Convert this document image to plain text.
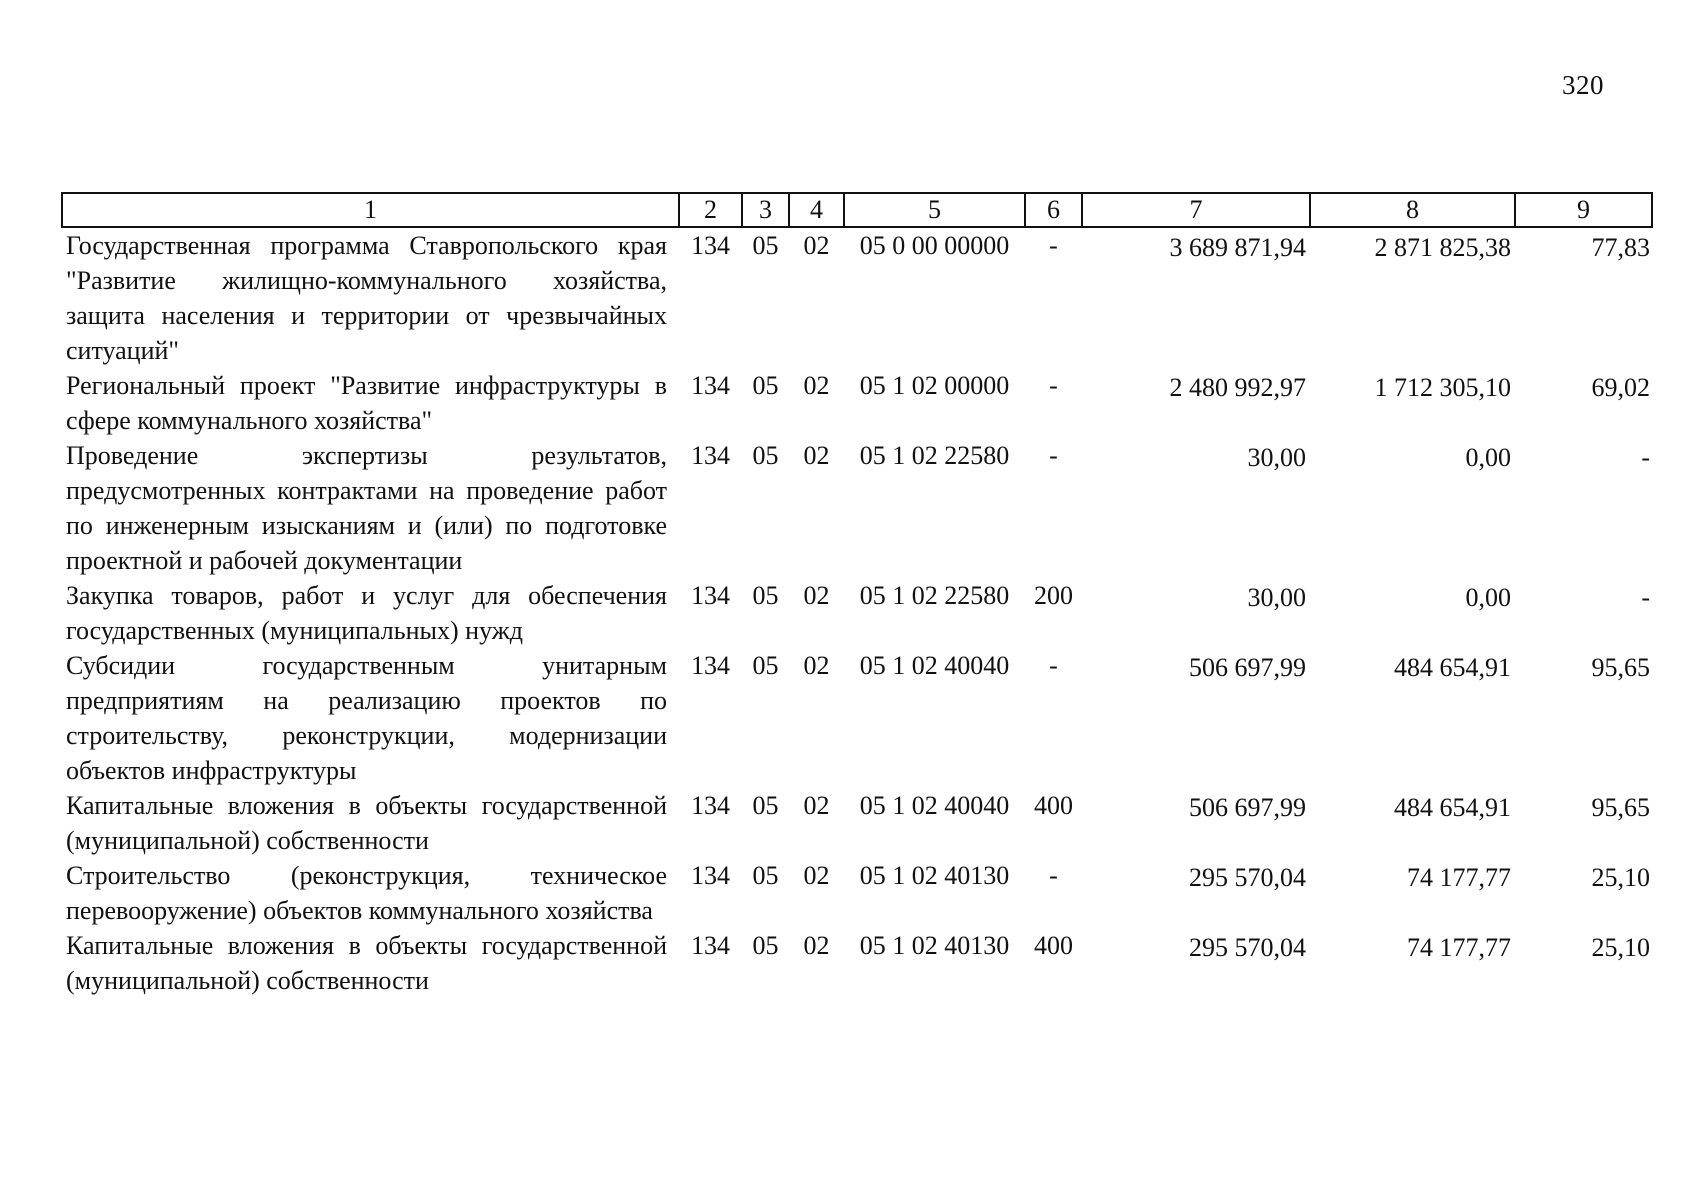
320
1	2	3	4	5	6	7	8	9
Государственная программа Ставропольского края "Развитие жилищно-коммунального хозяйства, защита населения и территории от чрезвычайных ситуаций"	134	05	02	05 0 00 00000	-	3 689 871,94	2 871 825,38	77,83
Региональный проект "Развитие инфраструктуры в сфере коммунального хозяйства"	134	05	02	05 1 02 00000	-	2 480 992,97	1 712 305,10	69,02
Проведение экспертизы результатов, предусмотренных контрактами на проведение работ по инженерным изысканиям и (или) по подготовке проектной и рабочей документации	134	05	02	05 1 02 22580	-	30,00	0,00	-
Закупка товаров, работ и услуг для обеспечения государственных (муниципальных) нужд	134	05	02	05 1 02 22580	200	30,00	0,00	-
Субсидии государственным унитарным предприятиям на реализацию проектов по строительству, реконструкции, модернизации объектов инфраструктуры	134	05	02	05 1 02 40040	-	506 697,99	484 654,91	95,65
Капитальные вложения в объекты государственной (муниципальной) собственности	134	05	02	05 1 02 40040	400	506 697,99	484 654,91	95,65
Строительство (реконструкция, техническое перевооружение) объектов коммунального хозяйства	134	05	02	05 1 02 40130	-	295 570,04	74 177,77	25,10
Капитальные вложения в объекты государственной (муниципальной) собственности	134	05	02	05 1 02 40130	400	295 570,04	74 177,77	25,10
